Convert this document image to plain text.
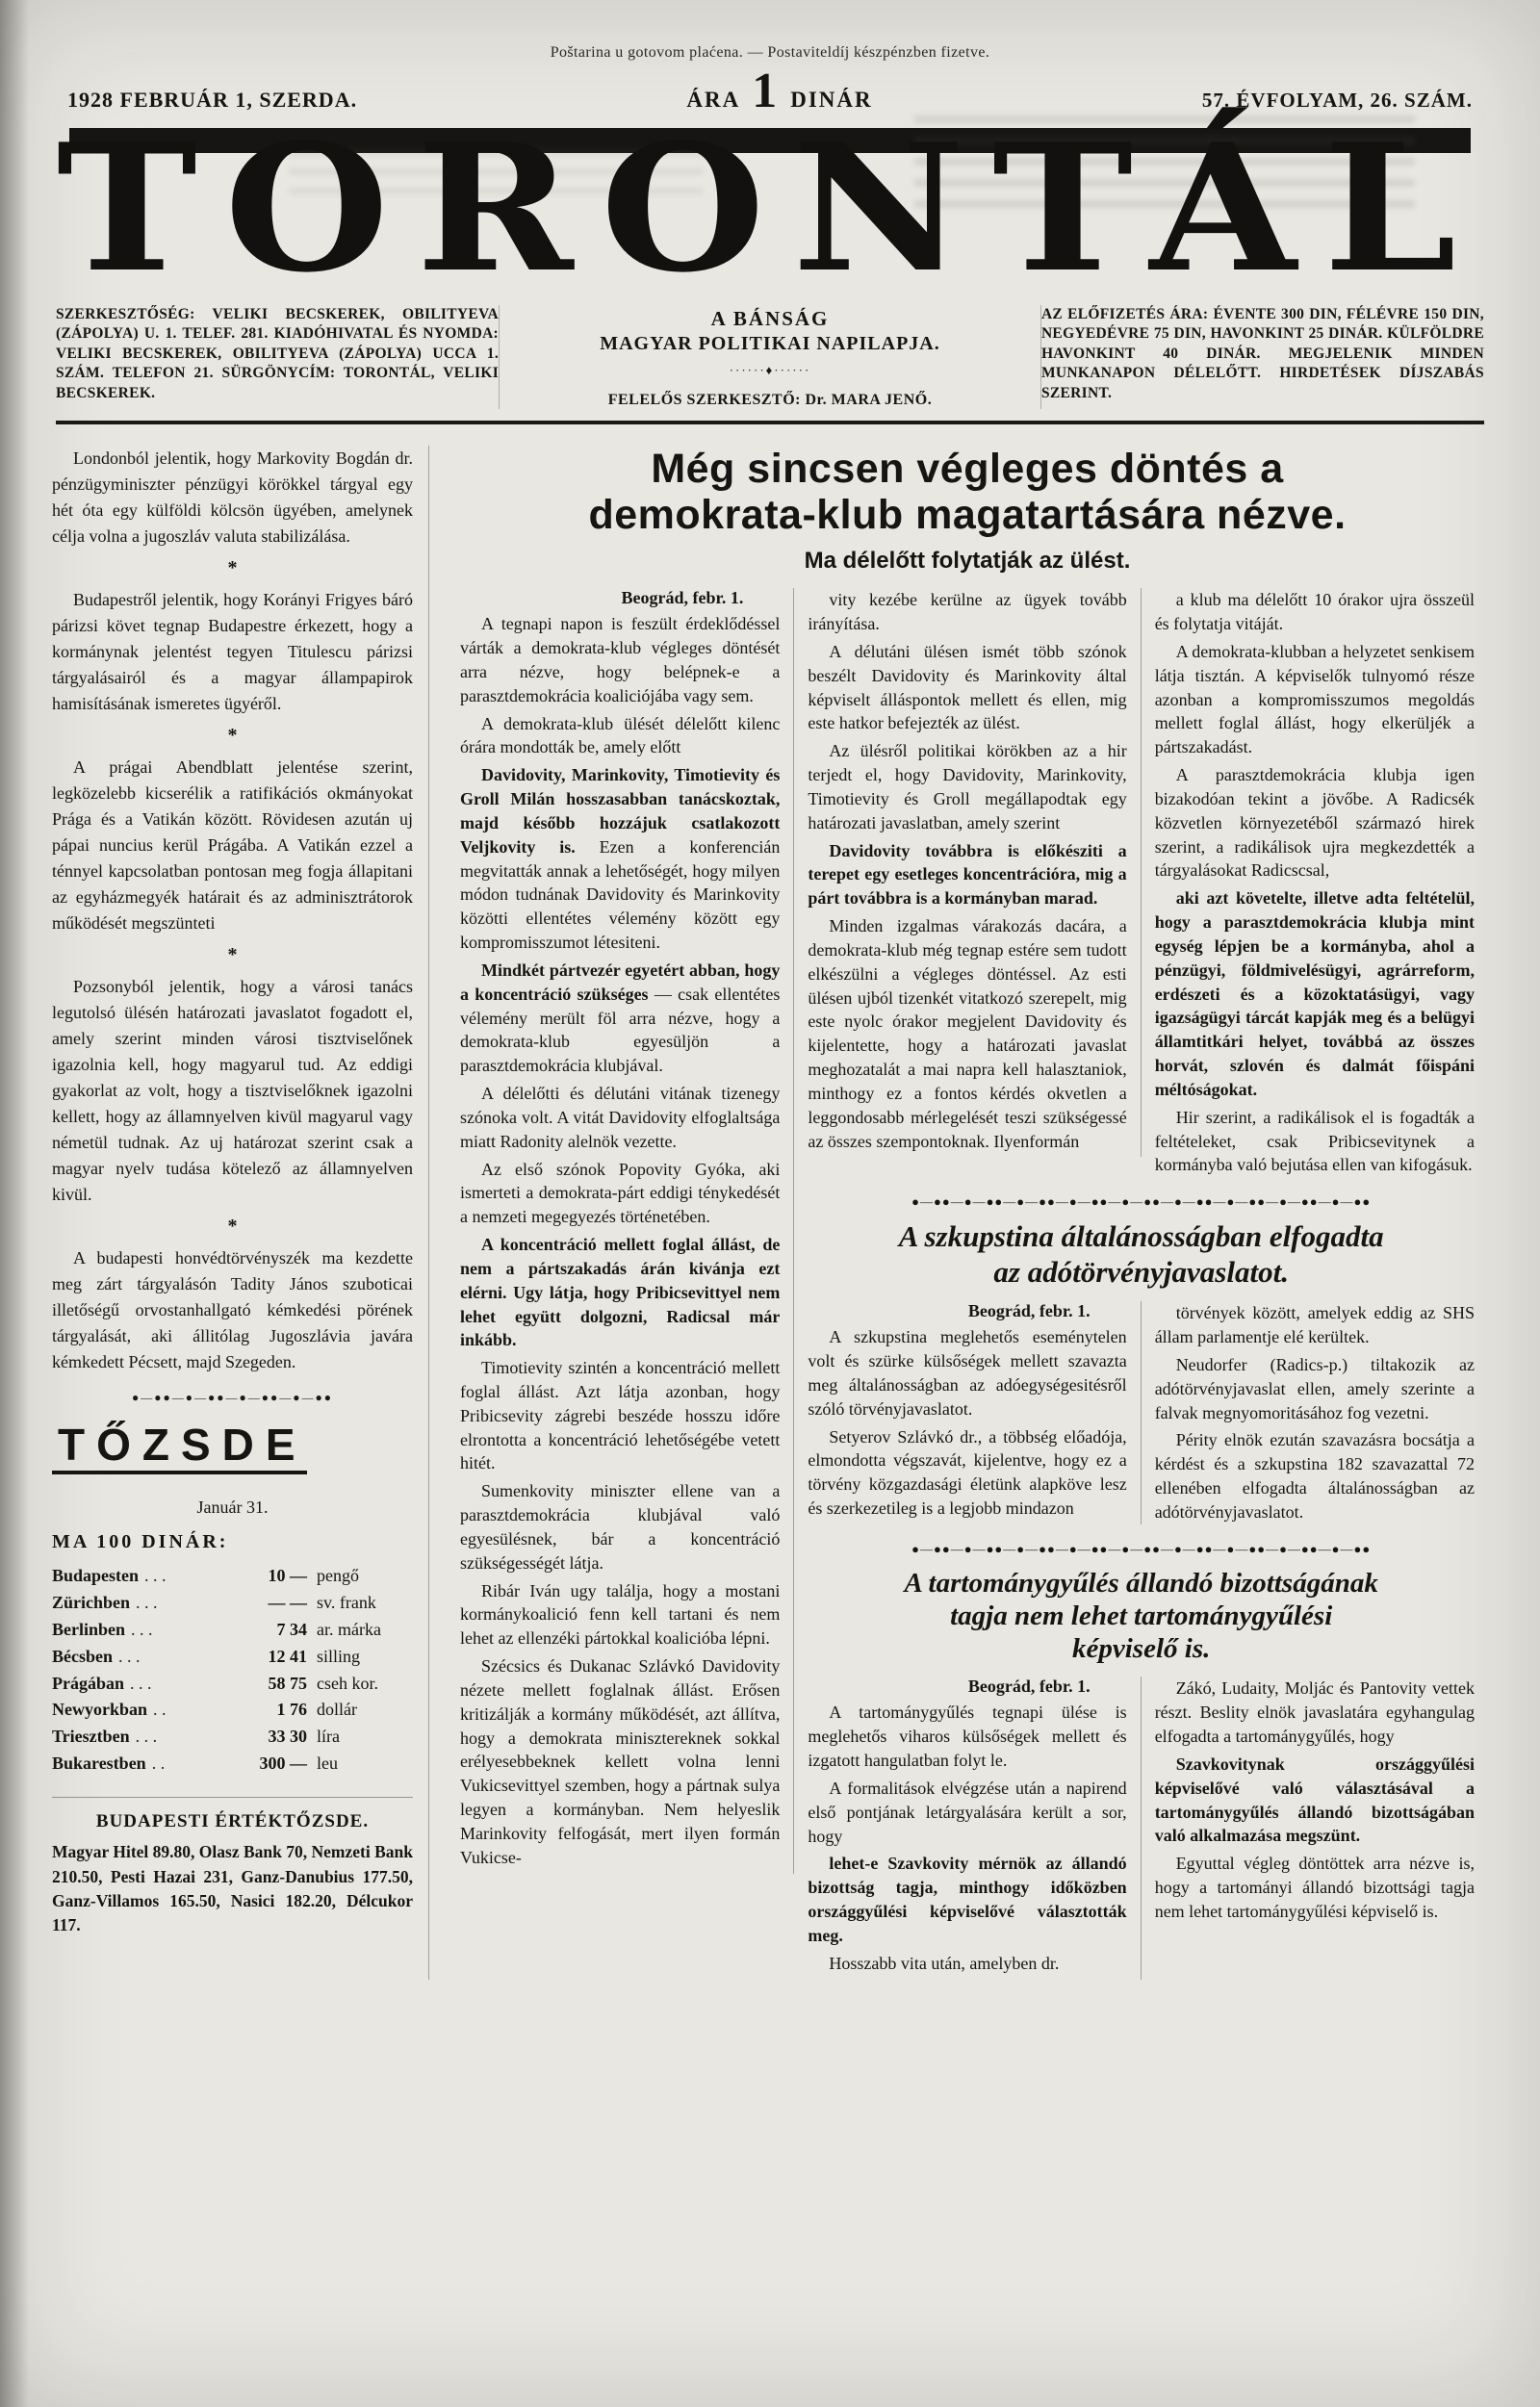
Poštarina u gotovom plaćena. — Postaviteldíj készpénzben fizetve.
1928 FEBRUÁR 1, SZERDA.	ÁRA 1 DINÁR	57. ÉVFOLYAM, 26. SZÁM.
TORONTÁL
SZERKESZTŐSÉG: VELIKI BECSKEREK, OBILITYEVA (ZÁPOLYA) U. 1. TELEF. 281. KIADÓHIVATAL ÉS NYOMDA: VELIKI BECSKEREK, OBILITYEVA (ZÁPOLYA) UCCA 1. SZÁM. TELEFON 21. SÜRGÖNYCÍM: TORONTÁL, VELIKI BECSKEREK.
A BÁNSÁG
MAGYAR POLITIKAI NAPILAPJA.
······♦······
FELELŐS SZERKESZTŐ: Dr. MARA JENŐ.
AZ ELŐFIZETÉS ÁRA: ÉVENTE 300 DIN, FÉLÉVRE 150 DIN, NEGYEDÉVRE 75 DIN, HAVONKINT 25 DINÁR. KÜLFÖLDRE HAVONKINT 40 DINÁR. MEGJELENIK MINDEN MUNKANAPON DÉLELŐTT. HIRDETÉSEK DÍJSZABÁS SZERINT.

Londonból jelentik, hogy Markovity Bogdán dr. pénzügyminiszter pénzügyi körökkel tárgyal egy hét óta egy külföldi kölcsön ügyében, amelynek célja volna a jugoszláv valuta stabilizálása.

*

Budapestről jelentik, hogy Korányi Frigyes báró párizsi követ tegnap Budapestre érkezett, hogy a kormánynak jelentést tegyen Titulescu párizsi tárgyalásairól és a magyar állampapirok hamisításának ismeretes ügyéről.

*

A prágai Abendblatt jelentése szerint, legközelebb kicserélik a ratifikációs okmányokat Prága és a Vatikán között. Rövidesen azután uj pápai nuncius kerül Prágába. A Vatikán ezzel a ténnyel kapcsolatban pontosan meg fogja állapitani az egyházmegyék határait és az adminisztrátorok működését megszünteti

*

Pozsonyból jelentik, hogy a városi tanács legutolsó ülésén határozati javaslatot fogadott el, amely szerint minden városi tisztviselőnek igazolnia kell, hogy magyarul tud. Az eddigi gyakorlat az volt, hogy a tisztviselőknek igazolni kellett, hogy az államnyelven kivül magyarul vagy németül tudnak. Az uj határozat szerint csak a magyar nyelv tudása kötelező az államnyelven kivül.

*

A budapesti honvédtörvényszék ma kezdette meg zárt tárgyalásón Tadity János szuboticai illetőségű orvostanhallgató kémkedési pörének tárgyalását, aki állitólag Jugoszlávia javára kémkedett Pécsett, majd Szegeden.

●—●●—●—●●—●—●●—●—●●
TŐZSDE
Január 31.
MA 100 DINÁR:
Budapesten . . .	10 — pengő
Zürichben . . .	— — sv. frank
Berlinben . . .	7 34 ar. márka
Bécsben . . .	12 41 silling
Prágában . . .	58 75 cseh kor.
Newyorkban . .	1 76 dollár
Triesztben . . .	33 30 líra
Bukarestben . .	300 — leu
BUDAPESTI ÉRTÉKTŐZSDE.

Magyar Hitel 89.80, Olasz Bank 70, Nemzeti Bank 210.50, Pesti Hazai 231, Ganz-Danubius 177.50, Ganz-Villamos 165.50, Nasici 182.20, Délcukor 117.

Még sincsen végleges döntés a
demokrata-klub magatartására nézve.
Ma délelőtt folytatják az ülést.
Beográd, febr. 1.

A tegnapi napon is feszült érdeklődéssel várták a demokrata-klub végleges döntését arra nézve, hogy belépnek-e a parasztdemokrácia koaliciójába vagy sem.

A demokrata-klub ülését délelőtt kilenc órára mondották be, amely előtt

Davidovity, Marinkovity, Timotievity és Groll Milán hosszasabban tanácskoztak, majd később hozzájuk csatlakozott Veljkovity is. Ezen a konferencián megvitatták annak a lehetőségét, hogy milyen módon tudnának Davidovity és Marinkovity közötti ellentétes vélemény között egy kompromisszumot létesiteni.

Mindkét pártvezér egyetért abban, hogy a koncentráció szükséges — csak ellentétes vélemény merült föl arra nézve, hogy a demokrata-klub egyesüljön a parasztdemokrácia klubjával.

A délelőtti és délutáni vitának tizenegy szónoka volt. A vitát Davidovity elfoglaltsága miatt Radonity alelnök vezette.

Az első szónok Popovity Gyóka, aki ismerteti a demokrata-párt eddigi ténykedését a nemzeti megegyezés történetében.

A koncentráció mellett foglal állást, de nem a pártszakadás árán kivánja ezt elérni. Ugy látja, hogy Pribicsevittyel nem lehet együtt dolgozni, Radicsal már inkább.

Timotievity szintén a koncentráció mellett foglal állást. Azt látja azonban, hogy Pribicsevity zágrebi beszéde hosszu időre elrontotta a koncentráció lehetőségébe vetett hitét.

Sumenkovity miniszter ellene van a parasztdemokrácia klubjával való egyesülésnek, bár a koncentráció szükségességét látja.

Ribár Iván ugy találja, hogy a mostani kormánykoalició fenn kell tartani és nem lehet az ellenzéki pártokkal koalicióba lépni.

Szécsics és Dukanac Szlávkó Davidovity nézete mellett foglalnak állást. Erősen kritizálják a kormány működését, azt állítva, hogy a demokrata minisztereknek sokkal erélyesebbeknek kellett volna lenni Vukicsevittyel szemben, hogy a pártnak sulya legyen a kormányban. Nem helyeslik Marinkovity felfogását, mert ilyen formán Vukicse-

vity kezébe kerülne az ügyek tovább irányítása.

A délutáni ülésen ismét több szónok beszélt Davidovity és Marinkovity által képviselt álláspontok mellett és ellen, mig este hatkor befejezték az ülést.

Az ülésről politikai körökben az a hir terjedt el, hogy Davidovity, Marinkovity, Timotievity és Groll megállapodtak egy határozati javaslatban, amely szerint

Davidovity továbbra is előkésziti a terepet egy esetleges koncentrációra, mig a párt továbbra is a kormányban marad.

Minden izgalmas várakozás dacára, a demokrata-klub még tegnap estére sem tudott elkészülni a végleges döntéssel. Az esti ülésen ujból tizenkét vitatkozó szerepelt, mig este nyolc órakor megjelent Davidovity és kijelentette, hogy a határozati javaslat meghozatalát a mai napra kell halasztaniok, minthogy ez a fontos kérdés okvetlen a leggondosabb mérlegelését teszi szükségessé az összes szempontoknak. Ilyenformán

a klub ma délelőtt 10 órakor ujra összeül és folytatja vitáját.

A demokrata-klubban a helyzetet senkisem látja tisztán. A képviselők tulnyomó része azonban a kompromisszumos megoldás mellett foglal állást, hogy elkerüljék a pártszakadást.

A parasztdemokrácia klubja igen bizakodóan tekint a jövőbe. A Radicsék közvetlen környezetéből származó hirek szerint, a radikálisok ujra megkezdették a tárgyalásokat Radicscsal,

aki azt követelte, illetve adta feltételül, hogy a parasztdemokrácia klubja mint egység lépjen be a kormányba, ahol a pénzügyi, földmivelésügyi, agrárreform, erdészeti és a közoktatásügyi, vagy igazságügyi tárcát kapják meg és a belügyi államtitkári helyet, továbbá az összes horvát, szlovén és dalmát főispáni méltóságokat.

Hir szerint, a radikálisok el is fogadták a feltételeket, csak Pribicsevitynek a kormányba való bejutása ellen van kifogásuk.

●—●●—●—●●—●—●●—●—●●—●—●●—●—●●—●—●●—●—●●—●—●●
A szkupstina általánosságban elfogadta
az adótörvényjavaslatot.
Beográd, febr. 1.

A szkupstina meglehetős eseménytelen volt és szürke külsőségek mellett szavazta meg általánosságban az adóegységesitésről szóló törvényjavaslatot.

Setyerov Szlávkó dr., a többség előadója, elmondotta végszavát, kijelentve, hogy ez a törvény közgazdasági életünk alapköve lesz és szerkezetileg is a legjobb mindazon

törvények között, amelyek eddig az SHS állam parlamentje elé kerültek.

Neudorfer (Radics-p.) tiltakozik az adótörvényjavaslat ellen, amely szerinte a falvak megnyomoritásához fog vezetni.

Périty elnök ezután szavazásra bocsátja a kérdést és a szkupstina 182 szavazattal 72 ellenében elfogadta általánosságban az adótörvényjavaslatot.

●—●●—●—●●—●—●●—●—●●—●—●●—●—●●—●—●●—●—●●—●—●●
A tartománygyűlés állandó bizottságának
tagja nem lehet tartománygyűlési
képviselő is.
Beográd, febr. 1.

A tartománygyűlés tegnapi ülése is meglehetős viharos külsőségek mellett és izgatott hangulatban folyt le.

A formalitások elvégzése után a napirend első pontjának letárgyalására került a sor, hogy

lehet-e Szavkovity mérnök az állandó bizottság tagja, minthogy időközben országgyűlési képviselővé választották meg.

Hosszabb vita után, amelyben dr.

Zákó, Ludaity, Moljác és Pantovity vettek részt. Beslity elnök javaslatára egyhangulag elfogadta a tartománygyűlés, hogy

Szavkovitynak országgyűlési képviselővé való választásával a tartománygyűlés állandó bizottságában való alkalmazása megszünt.

Egyuttal végleg döntöttek arra nézve is, hogy a tartományi állandó bizottsági tagja nem lehet tartománygyűlési képviselő is.
